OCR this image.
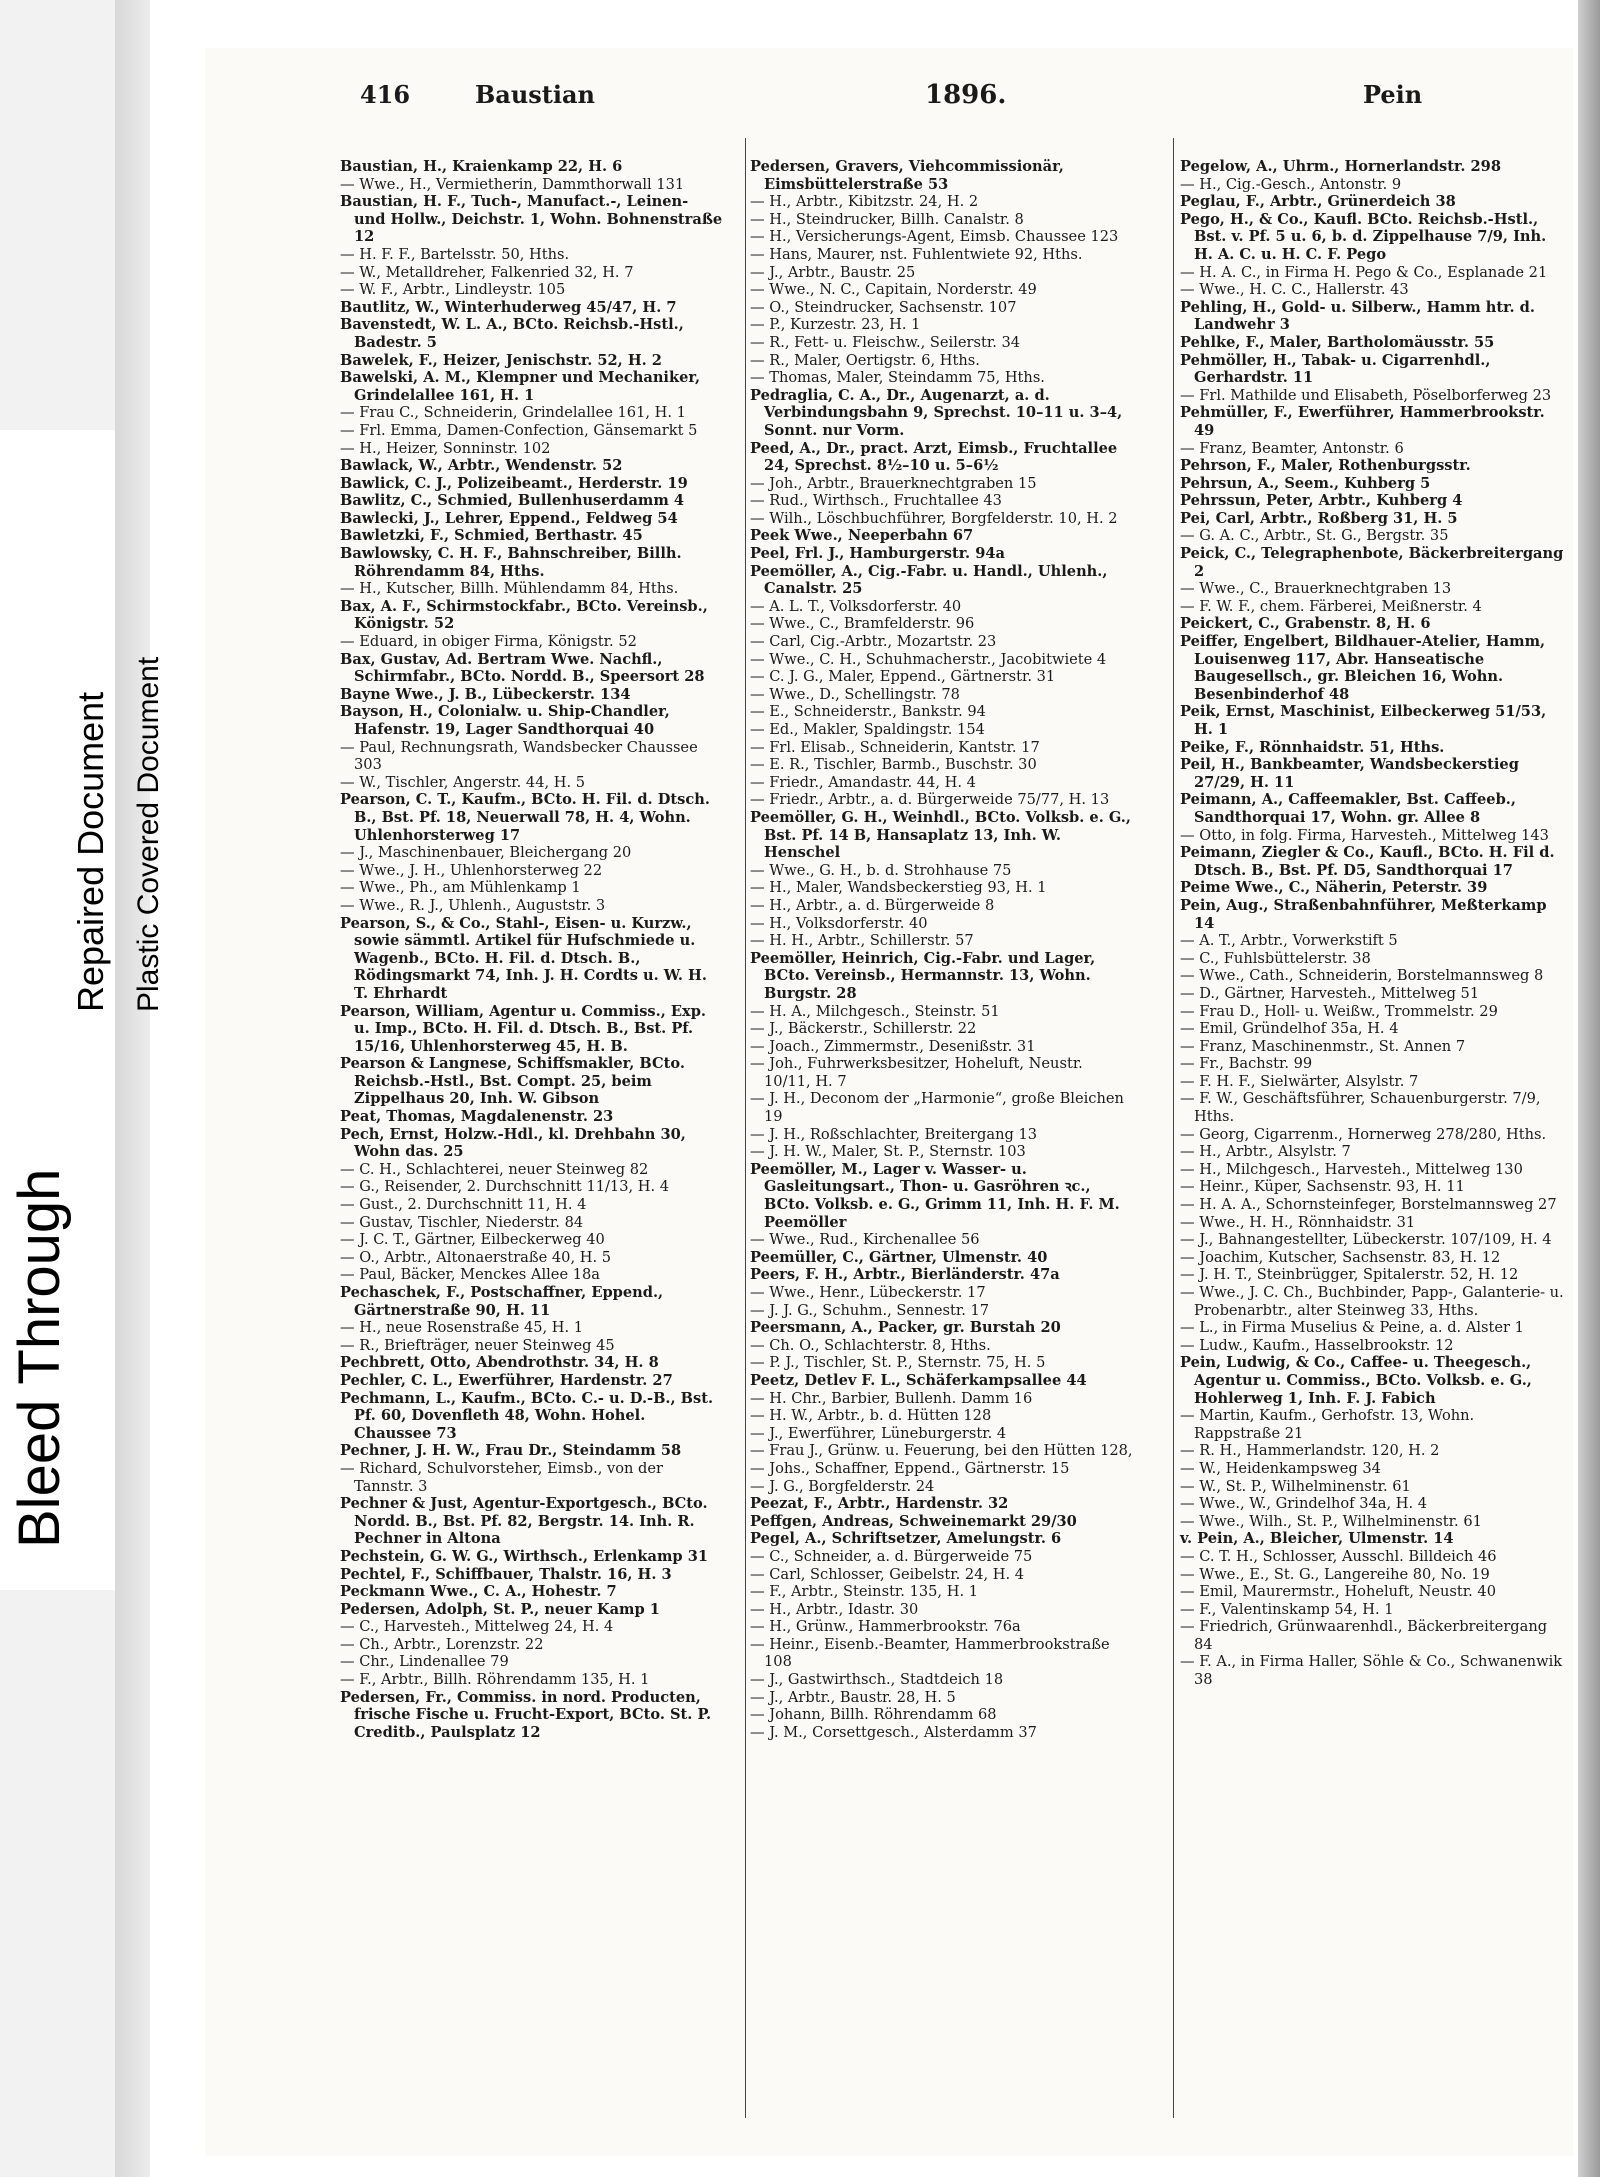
Bleed Through
Repaired Document Plastic Covered Document
416	Baustian	1896.	Pein

Baustian, H., Kraienkamp 22, H. 6

— Wwe., H., Vermietherin, Dammthorwall 131

Baustian, H. F., Tuch-, Manufact.-, Leinen- und Hollw., Deichstr. 1, Wohn. Bohnenstraße 12

— H. F. F., Bartelsstr. 50, Hths.

— W., Metalldreher, Falkenried 32, H. 7

— W. F., Arbtr., Lindleystr. 105

Bautlitz, W., Winterhuderweg 45/47, H. 7

Bavenstedt, W. L. A., BCto. Reichsb.-Hstl., Badestr. 5

Bawelek, F., Heizer, Jenischstr. 52, H. 2

Bawelski, A. M., Klempner und Mechaniker, Grindelallee 161, H. 1

— Frau C., Schneiderin, Grindelallee 161, H. 1

— Frl. Emma, Damen-Confection, Gänsemarkt 5

— H., Heizer, Sonninstr. 102

Bawlack, W., Arbtr., Wendenstr. 52

Bawlick, C. J., Polizeibeamt., Herderstr. 19

Bawlitz, C., Schmied, Bullenhuserdamm 4

Bawlecki, J., Lehrer, Eppend., Feldweg 54

Bawletzki, F., Schmied, Berthastr. 45

Bawlowsky, C. H. F., Bahnschreiber, Billh. Röhrendamm 84, Hths.

— H., Kutscher, Billh. Mühlendamm 84, Hths.

Bax, A. F., Schirmstockfabr., BCto. Vereinsb., Königstr. 52

— Eduard, in obiger Firma, Königstr. 52

Bax, Gustav, Ad. Bertram Wwe. Nachfl., Schirmfabr., BCto. Nordd. B., Speersort 28

Bayne Wwe., J. B., Lübeckerstr. 134

Bayson, H., Colonialw. u. Ship-Chandler, Hafenstr. 19, Lager Sandthorquai 40

— Paul, Rechnungsrath, Wandsbecker Chaussee 303

— W., Tischler, Angerstr. 44, H. 5

Pearson, C. T., Kaufm., BCto. H. Fil. d. Dtsch. B., Bst. Pf. 18, Neuerwall 78, H. 4, Wohn. Uhlenhorsterweg 17

— J., Maschinenbauer, Bleichergang 20

— Wwe., J. H., Uhlenhorsterweg 22

— Wwe., Ph., am Mühlenkamp 1

— Wwe., R. J., Uhlenh., Auguststr. 3

Pearson, S., & Co., Stahl-, Eisen- u. Kurzw., sowie sämmtl. Artikel für Hufschmiede u. Wagenb., BCto. H. Fil. d. Dtsch. B., Rödingsmarkt 74, Inh. J. H. Cordts u. W. H. T. Ehrhardt

Pearson, William, Agentur u. Commiss., Exp. u. Imp., BCto. H. Fil. d. Dtsch. B., Bst. Pf. 15/16, Uhlenhorsterweg 45, H. B.

Pearson & Langnese, Schiffsmakler, BCto. Reichsb.-Hstl., Bst. Compt. 25, beim Zippelhaus 20, Inh. W. Gibson

Peat, Thomas, Magdalenenstr. 23

Pech, Ernst, Holzw.-Hdl., kl. Drehbahn 30, Wohn das. 25

— C. H., Schlachterei, neuer Steinweg 82

— G., Reisender, 2. Durchschnitt 11/13, H. 4

— Gust., 2. Durchschnitt 11, H. 4

— Gustav, Tischler, Niederstr. 84

— J. C. T., Gärtner, Eilbeckerweg 40

— O., Arbtr., Altonaerstraße 40, H. 5

— Paul, Bäcker, Menckes Allee 18a

Pechaschek, F., Postschaffner, Eppend., Gärtnerstraße 90, H. 11

— H., neue Rosenstraße 45, H. 1

— R., Briefträger, neuer Steinweg 45

Pechbrett, Otto, Abendrothstr. 34, H. 8

Pechler, C. L., Ewerführer, Hardenstr. 27

Pechmann, L., Kaufm., BCto. C.- u. D.-B., Bst. Pf. 60, Dovenfleth 48, Wohn. Hohel. Chaussee 73

Pechner, J. H. W., Frau Dr., Steindamm 58

— Richard, Schulvorsteher, Eimsb., von der Tannstr. 3

Pechner & Just, Agentur-Exportgesch., BCto. Nordd. B., Bst. Pf. 82, Bergstr. 14. Inh. R. Pechner in Altona

Pechstein, G. W. G., Wirthsch., Erlenkamp 31

Pechtel, F., Schiffbauer, Thalstr. 16, H. 3

Peckmann Wwe., C. A., Hohestr. 7

Pedersen, Adolph, St. P., neuer Kamp 1

— C., Harvesteh., Mittelweg 24, H. 4

— Ch., Arbtr., Lorenzstr. 22

— Chr., Lindenallee 79

— F., Arbtr., Billh. Röhrendamm 135, H. 1

Pedersen, Fr., Commiss. in nord. Producten, frische Fische u. Frucht-Export, BCto. St. P. Creditb., Paulsplatz 12

Pedersen, Gravers, Viehcommissionär, Eimsbüttelerstraße 53

— H., Arbtr., Kibitzstr. 24, H. 2

— H., Steindrucker, Billh. Canalstr. 8

— H., Versicherungs-Agent, Eimsb. Chaussee 123

— Hans, Maurer, nst. Fuhlentwiete 92, Hths.

— J., Arbtr., Baustr. 25

— Wwe., N. C., Capitain, Norderstr. 49

— O., Steindrucker, Sachsenstr. 107

— P., Kurzestr. 23, H. 1

— R., Fett- u. Fleischw., Seilerstr. 34

— R., Maler, Oertigstr. 6, Hths.

— Thomas, Maler, Steindamm 75, Hths.

Pedraglia, C. A., Dr., Augenarzt, a. d. Verbindungsbahn 9, Sprechst. 10–11 u. 3–4, Sonnt. nur Vorm.

Peed, A., Dr., pract. Arzt, Eimsb., Fruchtallee 24, Sprechst. 8½–10 u. 5–6½

— Joh., Arbtr., Brauerknechtgraben 15

— Rud., Wirthsch., Fruchtallee 43

— Wilh., Löschbuchführer, Borgfelderstr. 10, H. 2

Peek Wwe., Neeperbahn 67

Peel, Frl. J., Hamburgerstr. 94a

Peemöller, A., Cig.-Fabr. u. Handl., Uhlenh., Canalstr. 25

— A. L. T., Volksdorferstr. 40

— Wwe., C., Bramfelderstr. 96

— Carl, Cig.-Arbtr., Mozartstr. 23

— Wwe., C. H., Schuhmacherstr., Jacobitwiete 4

— C. J. G., Maler, Eppend., Gärtnerstr. 31

— Wwe., D., Schellingstr. 78

— E., Schneiderstr., Bankstr. 94

— Ed., Makler, Spaldingstr. 154

— Frl. Elisab., Schneiderin, Kantstr. 17

— E. R., Tischler, Barmb., Buschstr. 30

— Friedr., Amandastr. 44, H. 4

— Friedr., Arbtr., a. d. Bürgerweide 75/77, H. 13

Peemöller, G. H., Weinhdl., BCto. Volksb. e. G., Bst. Pf. 14 B, Hansaplatz 13, Inh. W. Henschel

— Wwe., G. H., b. d. Strohhause 75

— H., Maler, Wandsbeckerstieg 93, H. 1

— H., Arbtr., a. d. Bürgerweide 8

— H., Volksdorferstr. 40

— H. H., Arbtr., Schillerstr. 57

Peemöller, Heinrich, Cig.-Fabr. und Lager, BCto. Vereinsb., Hermannstr. 13, Wohn. Burgstr. 28

— H. A., Milchgesch., Steinstr. 51

— J., Bäckerstr., Schillerstr. 22

— Joach., Zimmermstr., Desenißstr. 31

— Joh., Fuhrwerksbesitzer, Hoheluft, Neustr. 10/11, H. 7

— J. H., Deconom der „Harmonie“, große Bleichen 19

— J. H., Roßschlachter, Breitergang 13

— J. H. W., Maler, St. P., Sternstr. 103

Peemöller, M., Lager v. Wasser- u. Gasleitungsart., Thon- u. Gasröhren ꝛc., BCto. Volksb. e. G., Grimm 11, Inh. H. F. M. Peemöller

— Wwe., Rud., Kirchenallee 56

Peemüller, C., Gärtner, Ulmenstr. 40

Peers, F. H., Arbtr., Bierländerstr. 47a

— Wwe., Henr., Lübeckerstr. 17

— J. J. G., Schuhm., Sennestr. 17

Peersmann, A., Packer, gr. Burstah 20

— Ch. O., Schlachterstr. 8, Hths.

— P. J., Tischler, St. P., Sternstr. 75, H. 5

Peetz, Detlev F. L., Schäferkampsallee 44

— H. Chr., Barbier, Bullenh. Damm 16

— H. W., Arbtr., b. d. Hütten 128

— J., Ewerführer, Lüneburgerstr. 4

— Frau J., Grünw. u. Feuerung, bei den Hütten 128,

— Johs., Schaffner, Eppend., Gärtnerstr. 15

— J. G., Borgfelderstr. 24

Peezat, F., Arbtr., Hardenstr. 32

Peffgen, Andreas, Schweinemarkt 29/30

Pegel, A., Schriftsetzer, Amelungstr. 6

— C., Schneider, a. d. Bürgerweide 75

— Carl, Schlosser, Geibelstr. 24, H. 4

— F., Arbtr., Steinstr. 135, H. 1

— H., Arbtr., Idastr. 30

— H., Grünw., Hammerbrookstr. 76a

— Heinr., Eisenb.-Beamter, Hammerbrookstraße 108

— J., Gastwirthsch., Stadtdeich 18

— J., Arbtr., Baustr. 28, H. 5

— Johann, Billh. Röhrendamm 68

— J. M., Corsettgesch., Alsterdamm 37

Pegelow, A., Uhrm., Hornerlandstr. 298

— H., Cig.-Gesch., Antonstr. 9

Peglau, F., Arbtr., Grünerdeich 38

Pego, H., & Co., Kaufl. BCto. Reichsb.-Hstl., Bst. v. Pf. 5 u. 6, b. d. Zippelhause 7/9, Inh. H. A. C. u. H. C. F. Pego

— H. A. C., in Firma H. Pego & Co., Esplanade 21

— Wwe., H. C. C., Hallerstr. 43

Pehling, H., Gold- u. Silberw., Hamm htr. d. Landwehr 3

Pehlke, F., Maler, Bartholomäusstr. 55

Pehmöller, H., Tabak- u. Cigarrenhdl., Gerhardstr. 11

— Frl. Mathilde und Elisabeth, Pöselborferweg 23

Pehmüller, F., Ewerführer, Hammerbrookstr. 49

— Franz, Beamter, Antonstr. 6

Pehrson, F., Maler, Rothenburgsstr.

Pehrsun, A., Seem., Kuhberg 5

Pehrssun, Peter, Arbtr., Kuhberg 4

Pei, Carl, Arbtr., Roßberg 31, H. 5

— G. A. C., Arbtr., St. G., Bergstr. 35

Peick, C., Telegraphenbote, Bäckerbreitergang 2

— Wwe., C., Brauerknechtgraben 13

— F. W. F., chem. Färberei, Meißnerstr. 4

Peickert, C., Grabenstr. 8, H. 6

Peiffer, Engelbert, Bildhauer-Atelier, Hamm, Louisenweg 117, Abr. Hanseatische Baugesellsch., gr. Bleichen 16, Wohn. Besenbinderhof 48

Peik, Ernst, Maschinist, Eilbeckerweg 51/53, H. 1

Peike, F., Rönnhaidstr. 51, Hths.

Peil, H., Bankbeamter, Wandsbeckerstieg 27/29, H. 11

Peimann, A., Caffeemakler, Bst. Caffeeb., Sandthorquai 17, Wohn. gr. Allee 8

— Otto, in folg. Firma, Harvesteh., Mittelweg 143

Peimann, Ziegler & Co., Kaufl., BCto. H. Fil d. Dtsch. B., Bst. Pf. D5, Sandthorquai 17

Peime Wwe., C., Näherin, Peterstr. 39

Pein, Aug., Straßenbahnführer, Meßterkamp 14

— A. T., Arbtr., Vorwerkstift 5

— C., Fuhlsbüttelerstr. 38

— Wwe., Cath., Schneiderin, Borstelmannsweg 8

— D., Gärtner, Harvesteh., Mittelweg 51

— Frau D., Holl- u. Weißw., Trommelstr. 29

— Emil, Gründelhof 35a, H. 4

— Franz, Maschinenmstr., St. Annen 7

— Fr., Bachstr. 99

— F. H. F., Sielwärter, Alsylstr. 7

— F. W., Geschäftsführer, Schauenburgerstr. 7/9, Hths.

— Georg, Cigarrenm., Hornerweg 278/280, Hths.

— H., Arbtr., Alsylstr. 7

— H., Milchgesch., Harvesteh., Mittelweg 130

— Heinr., Küper, Sachsenstr. 93, H. 11

— H. A. A., Schornsteinfeger, Borstelmannsweg 27

— Wwe., H. H., Rönnhaidstr. 31

— J., Bahnangestellter, Lübeckerstr. 107/109, H. 4

— Joachim, Kutscher, Sachsenstr. 83, H. 12

— J. H. T., Steinbrügger, Spitalerstr. 52, H. 12

— Wwe., J. C. Ch., Buchbinder, Papp-, Galanterie- u. Probenarbtr., alter Steinweg 33, Hths.

— L., in Firma Muselius & Peine, a. d. Alster 1

— Ludw., Kaufm., Hasselbrookstr. 12

Pein, Ludwig, & Co., Caffee- u. Theegesch., Agentur u. Commiss., BCto. Volksb. e. G., Hohlerweg 1, Inh. F. J. Fabich

— Martin, Kaufm., Gerhofstr. 13, Wohn. Rappstraße 21

— R. H., Hammerlandstr. 120, H. 2

— W., Heidenkampsweg 34

— W., St. P., Wilhelminenstr. 61

— Wwe., W., Grindelhof 34a, H. 4

— Wwe., Wilh., St. P., Wilhelminenstr. 61

v. Pein, A., Bleicher, Ulmenstr. 14

— C. T. H., Schlosser, Ausschl. Billdeich 46

— Wwe., E., St. G., Langereihe 80, No. 19

— Emil, Maurermstr., Hoheluft, Neustr. 40

— F., Valentinskamp 54, H. 1

— Friedrich, Grünwaarenhdl., Bäckerbreitergang 84

— F. A., in Firma Haller, Söhle & Co., Schwanenwik 38
